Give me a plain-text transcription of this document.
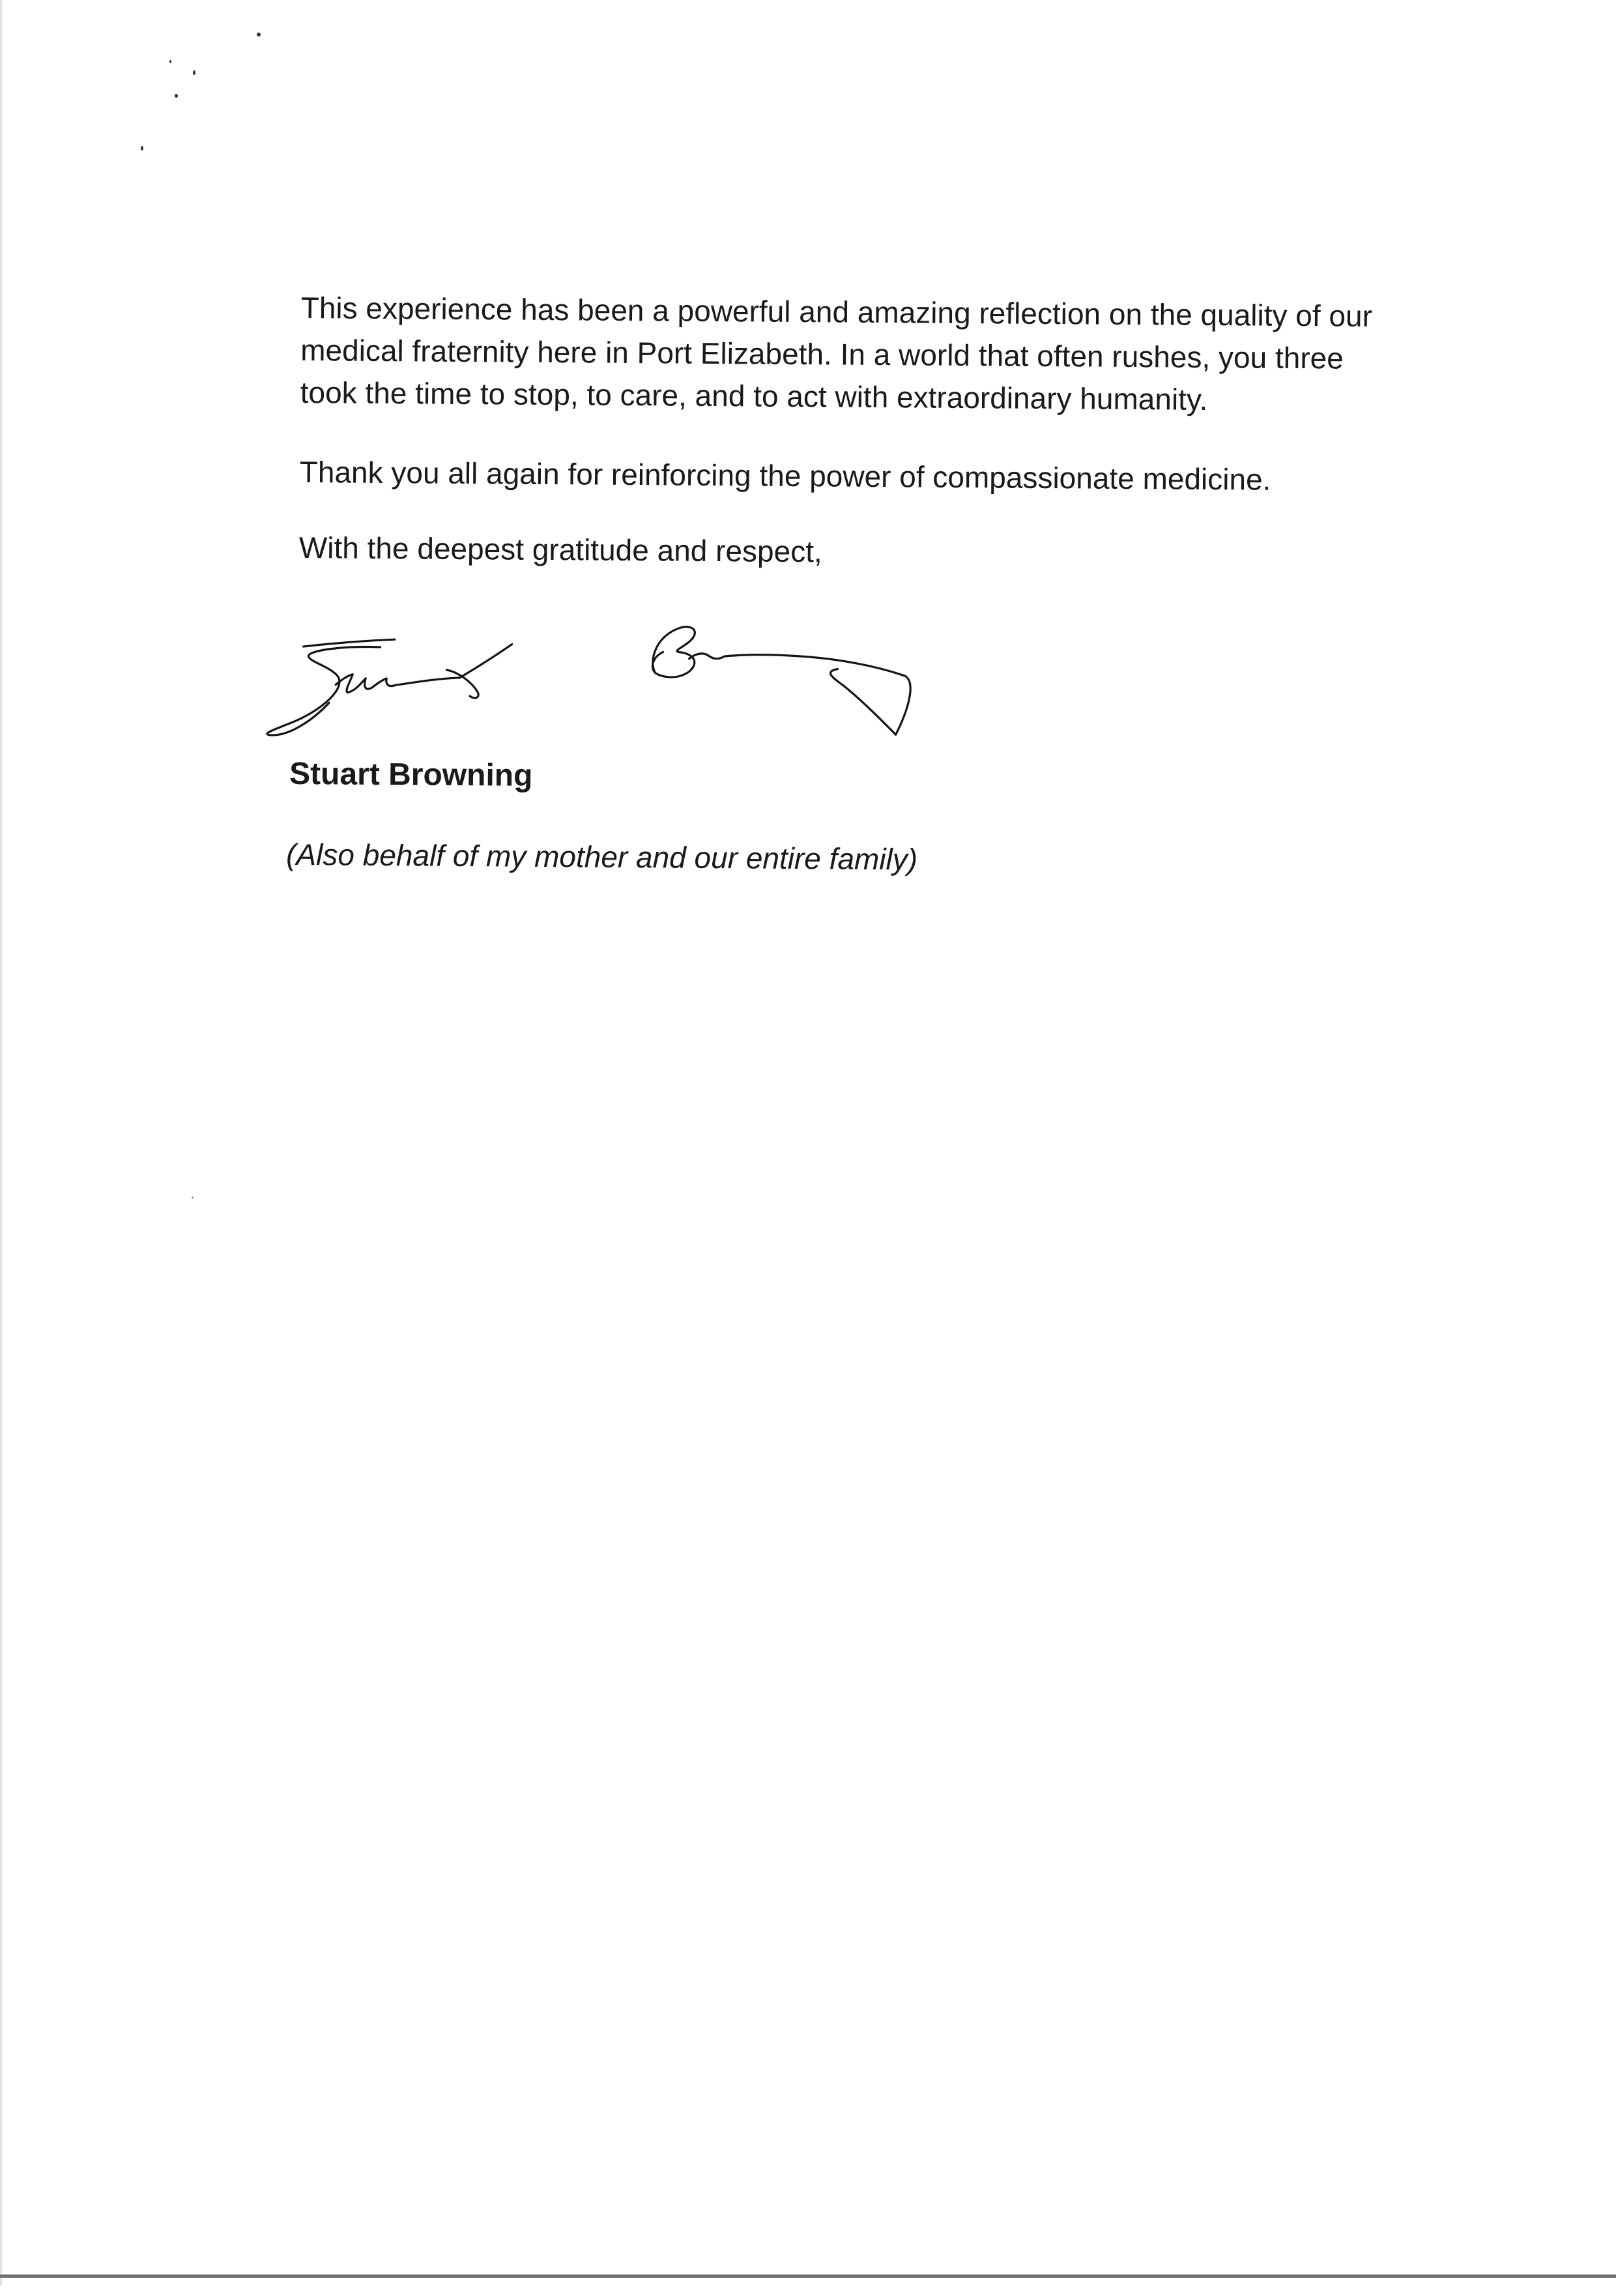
This experience has been a powerful and amazing reflection on the quality of our
medical fraternity here in Port Elizabeth. In a world that often rushes, you three
took the time to stop, to care, and to act with extraordinary humanity.

Thank you all again for reinforcing the power of compassionate medicine.

With the deepest gratitude and respect,

Stuart Browning

(Also behalf of my mother and our entire family)
